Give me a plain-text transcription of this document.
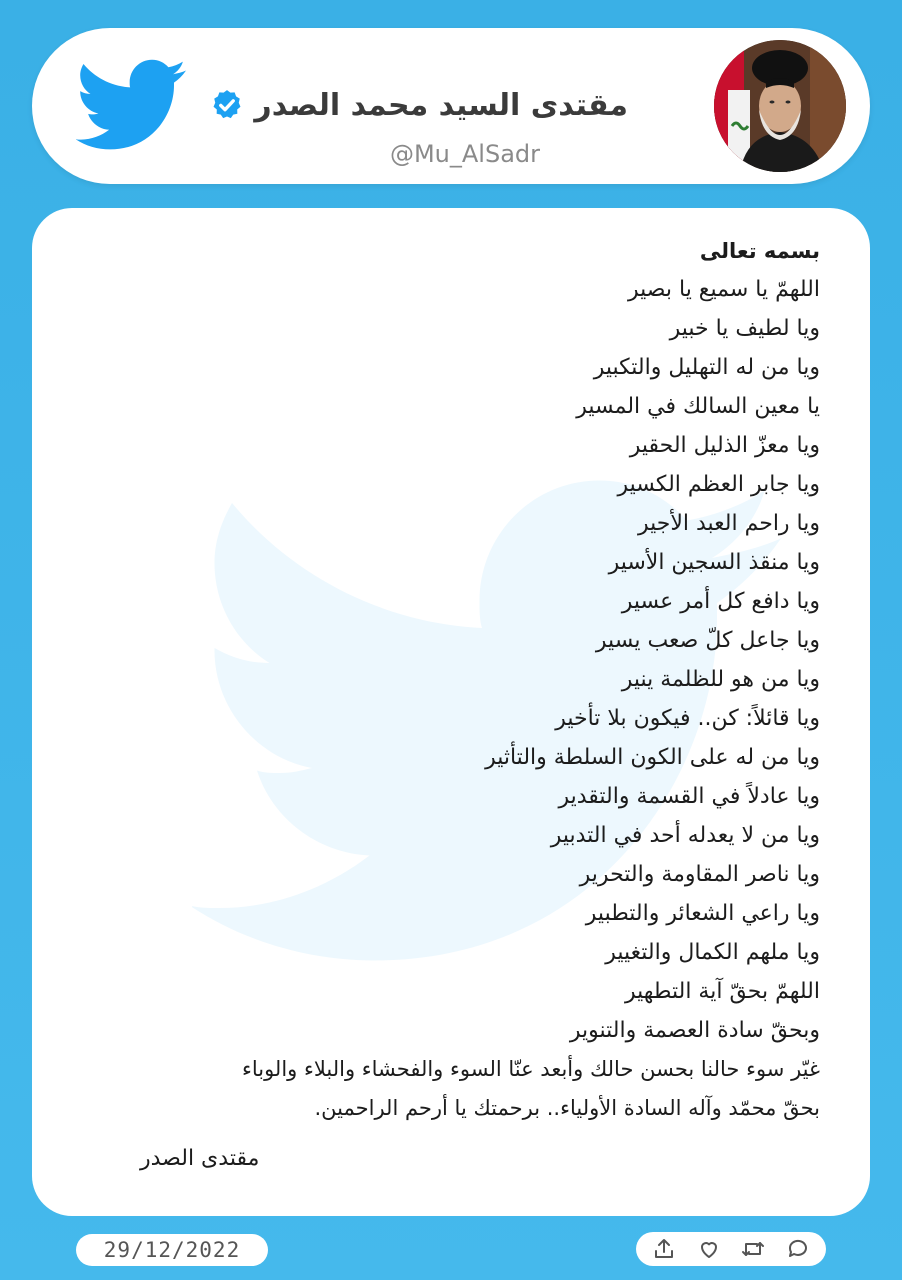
مقتدى السيد محمد الصدر
@Mu_AlSadr

بسمه تعالى

اللهمّ يا سميع يا بصير

ويا لطيف يا خبير

ويا من له التهليل والتكبير

يا معين السالك في المسير

ويا معزّ الذليل الحقير

ويا جابر العظم الكسير

ويا راحم العبد الأجير

ويا منقذ السجين الأسير

ويا دافع كل أمر عسير

ويا جاعل كلّ صعب يسير

ويا من هو للظلمة ينير

ويا قائلاً: كن.. فيكون بلا تأخير

ويا من له على الكون السلطة والتأثير

ويا عادلاً في القسمة والتقدير

ويا من لا يعدله أحد في التدبير

ويا ناصر المقاومة والتحرير

ويا راعي الشعائر والتطبير

ويا ملهم الكمال والتغيير

اللهمّ بحقّ آية التطهير

وبحقّ سادة العصمة والتنوير

غيّر سوء حالنا بحسن حالك وأبعد عنّا السوء والفحشاء والبلاء والوباء

بحقّ محمّد وآله السادة الأولياء.. برحمتك يا أرحم الراحمين.

مقتدى الصدر
29/12/2022
